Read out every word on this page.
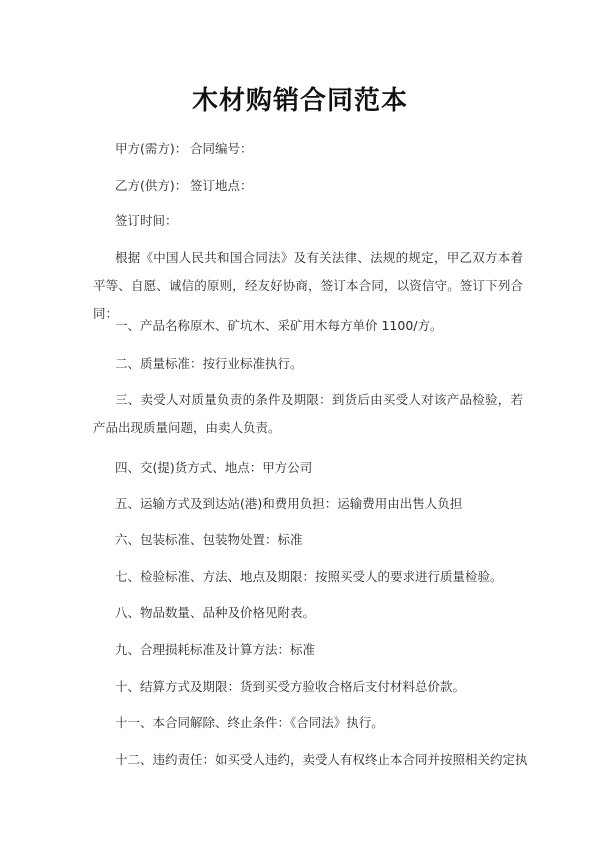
木材购销合同范本
甲方(需方)： 合同编号：
乙方(供方)： 签订地点：
签订时间：

根据《中国人民共和国合同法》及有关法律、法规的规定，甲乙双方本着平等、自愿、诚信的原则，经友好协商，签订本合同，以资信守。签订下列合同：

一、产品名称原木、矿坑木、采矿用木每方单价 1100/方。
二、质量标准：按行业标准执行。

三、卖受人对质量负责的条件及期限：到货后由买受人对该产品检验，若产品出现质量问题，由卖人负责。

四、交(提)货方式、地点：甲方公司
五、运输方式及到达站(港)和费用负担：运输费用由出售人负担
六、包装标准、包装物处置：标准
七、检验标准、方法、地点及期限：按照买受人的要求进行质量检验。
八、物品数量、品种及价格见附表。
九、合理损耗标准及计算方法：标准
十、结算方式及期限：货到买受方验收合格后支付材料总价款。
十一、本合同解除、终止条件：《合同法》执行。
十二、违约责任：如买受人违约，卖受人有权终止本合同并按照相关约定执
